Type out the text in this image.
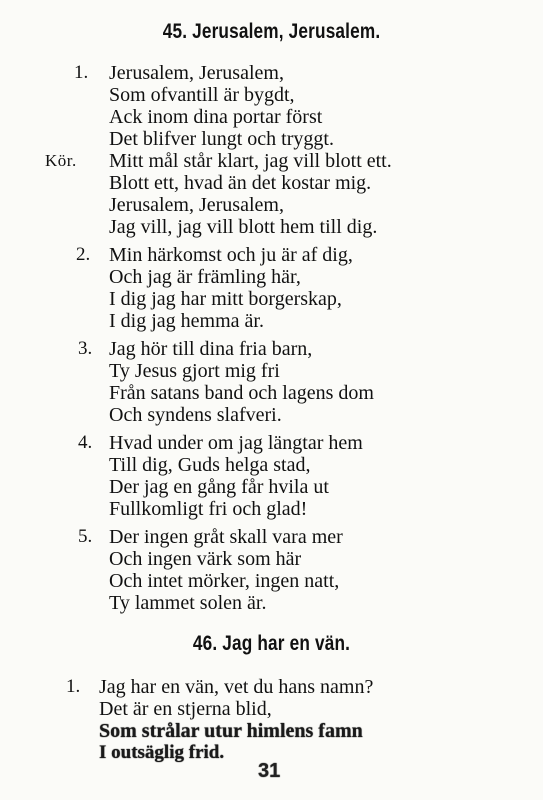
45. Jerusalem, Jerusalem.
1. Jerusalem, Jerusalem,
Som ofvantill är bygdt,
Ack inom dina portar först
Det blifver lungt och tryggt.
Kör. Mitt mål står klart, jag vill blott ett.
Blott ett, hvad än det kostar mig.
Jerusalem, Jerusalem,
Jag vill, jag vill blott hem till dig.
2. Min härkomst och ju är af dig,
Och jag är främling här,
I dig jag har mitt borgerskap,
I dig jag hemma är.
3. Jag hör till dina fria barn,
Ty Jesus gjort mig fri
Från satans band och lagens dom
Och syndens slafveri.
4. Hvad under om jag längtar hem
Till dig, Guds helga stad,
Der jag en gång får hvila ut
Fullkomligt fri och glad!
5. Der ingen gråt skall vara mer
Och ingen värk som här
Och intet mörker, ingen natt,
Ty lammet solen är.
46. Jag har en vän.
1. Jag har en vän, vet du hans namn?
Det är en stjerna blid,
Som strålar utur himlens famn
I outsäglig frid.
31
